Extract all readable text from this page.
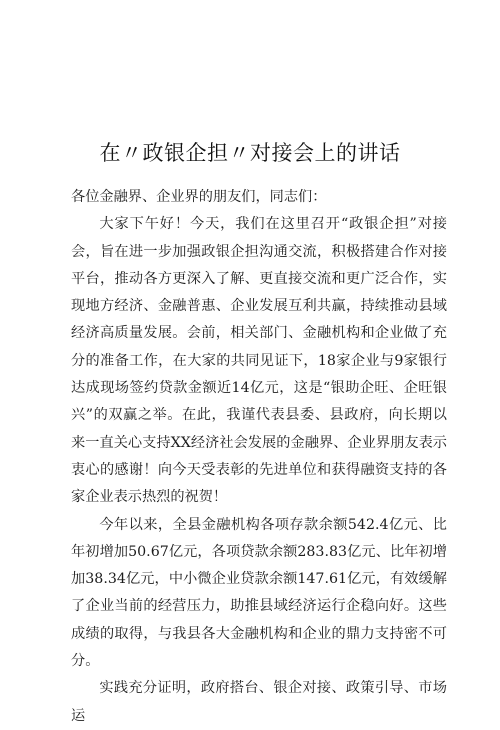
在〃政银企担〃对接会上的讲话

各位金融界、企业界的朋友们，同志们：

大家下午好！今天，我们在这里召开“政银企担”对接会，旨在进一步加强政银企担沟通交流，积极搭建合作对接平台，推动各方更深入了解、更直接交流和更广泛合作，实现地方经济、金融普惠、企业发展互利共赢，持续推动县域经济高质量发展。会前，相关部门、金融机构和企业做了充分的准备工作，在大家的共同见证下，18家企业与9家银行达成现场签约贷款金额近14亿元，这是“银助企旺、企旺银兴”的双赢之举。在此，我谨代表县委、县政府，向长期以来一直关心支持XX经济社会发展的金融界、企业界朋友表示衷心的感谢！向今天受表彰的先进单位和获得融资支持的各家企业表示热烈的祝贺！

今年以来，全县金融机构各项存款余额542.4亿元、比年初增加50.67亿元，各项贷款余额283.83亿元、比年初增加38.34亿元，中小微企业贷款余额147.61亿元，有效缓解了企业当前的经营压力，助推县域经济运行企稳向好。这些成绩的取得，与我县各大金融机构和企业的鼎力支持密不可分。

实践充分证明，政府搭台、银企对接、政策引导、市场运
